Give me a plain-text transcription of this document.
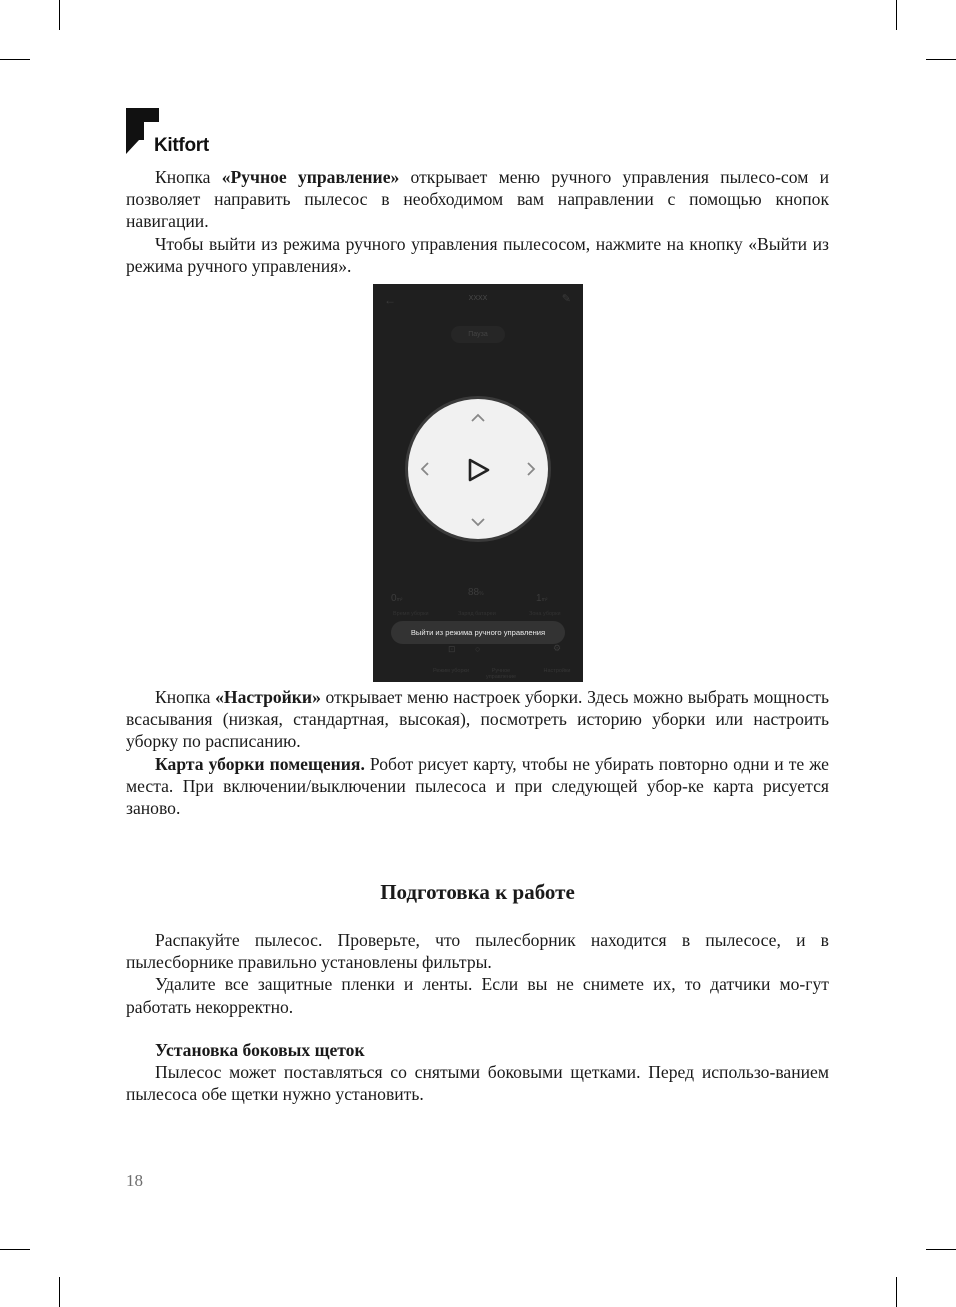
Kitfort

Кнопка «Ручное управление» открывает меню ручного управления пылесо-сом и позволяет направить пылесос в необходимом вам направлении с помощью кнопок навигации.

Чтобы выйти из режима ручного управления пылесосом, нажмите на кнопку «Выйти из режима ручного управления».

←	XXXX	✎
Пауза
0m²
Время уборки
88%
Заряд батареи
1m²
Зона уборки
Выйти из режима ручного управления
⊡ ○	⚙
Режим уборки	Ручное управление
Настройки

Кнопка «Настройки» открывает меню настроек уборки. Здесь можно выбрать мощность всасывания (низкая, стандартная, высокая), посмотреть историю уборки или настроить уборку по расписанию.

Карта уборки помещения. Робот рисует карту, чтобы не убирать повторно одни и те же места. При включении/выключении пылесоса и при следующей убор-ке карта рисуется заново.

Подготовка к работе

Распакуйте пылесос. Проверьте, что пылесборник находится в пылесосе, и в пылесборнике правильно установлены фильтры.

Удалите все защитные пленки и ленты. Если вы не снимете их, то датчики мо-гут работать некорректно.

Установка боковых щеток

Пылесос может поставляться со снятыми боковыми щетками. Перед использо-ванием пылесоса обе щетки нужно установить.

18
